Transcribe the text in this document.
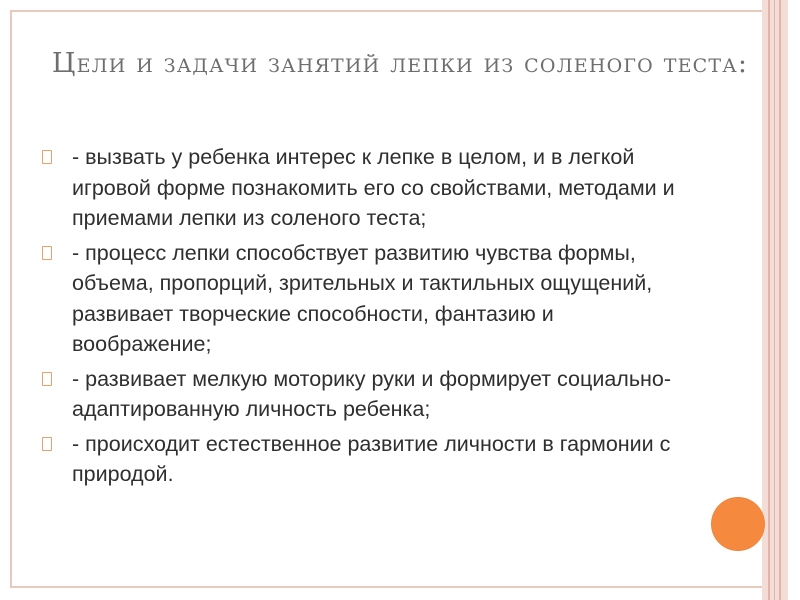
Цели и задачи занятий лепки из соленого теста:
- вызвать у ребенка интерес к лепке в целом, и в легкой игровой форме познакомить его со свойствами, методами и приемами лепки из соленого теста;
- процесс лепки способствует развитию чувства формы, объема, пропорций, зрительных и тактильных ощущений, развивает творческие способности, фантазию и воображение;
- развивает мелкую моторику руки и формирует социально-адаптированную личность ребенка;
- происходит естественное развитие личности в гармонии с природой.
